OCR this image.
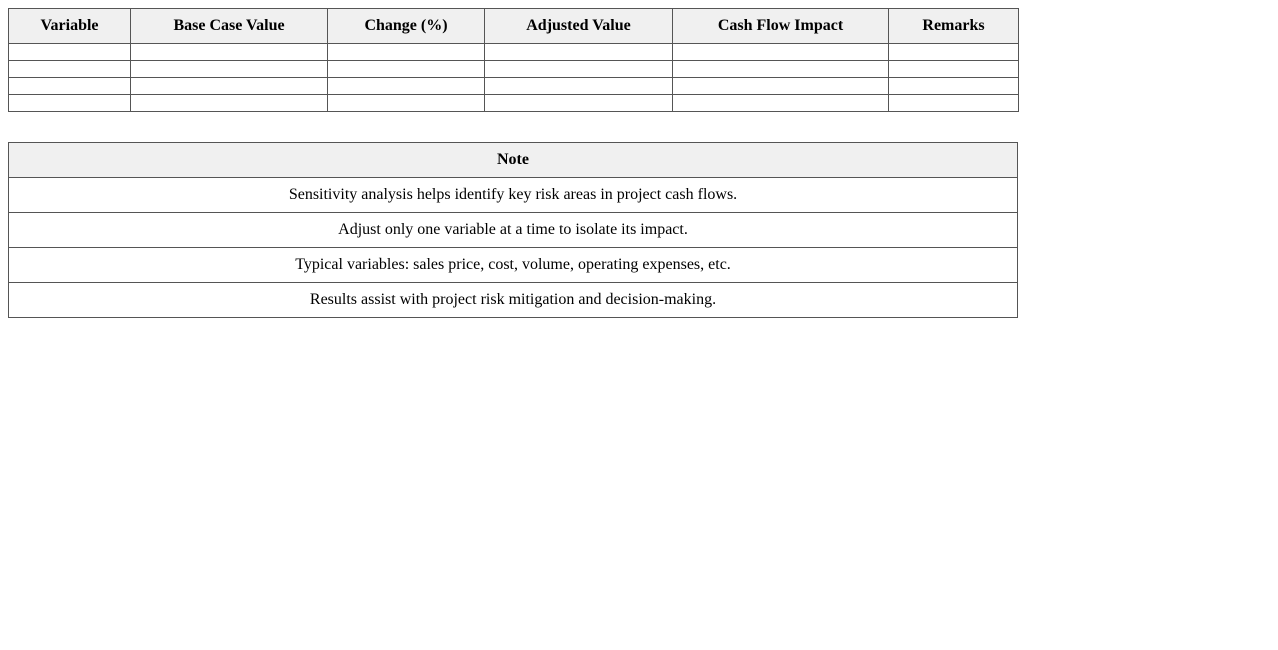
Variable	Base Case Value	Change (%)	Adjusted Value	Cash Flow Impact	Remarks

Note
Sensitivity analysis helps identify key risk areas in project cash flows.
Adjust only one variable at a time to isolate its impact.
Typical variables: sales price, cost, volume, operating expenses, etc.
Results assist with project risk mitigation and decision-making.
